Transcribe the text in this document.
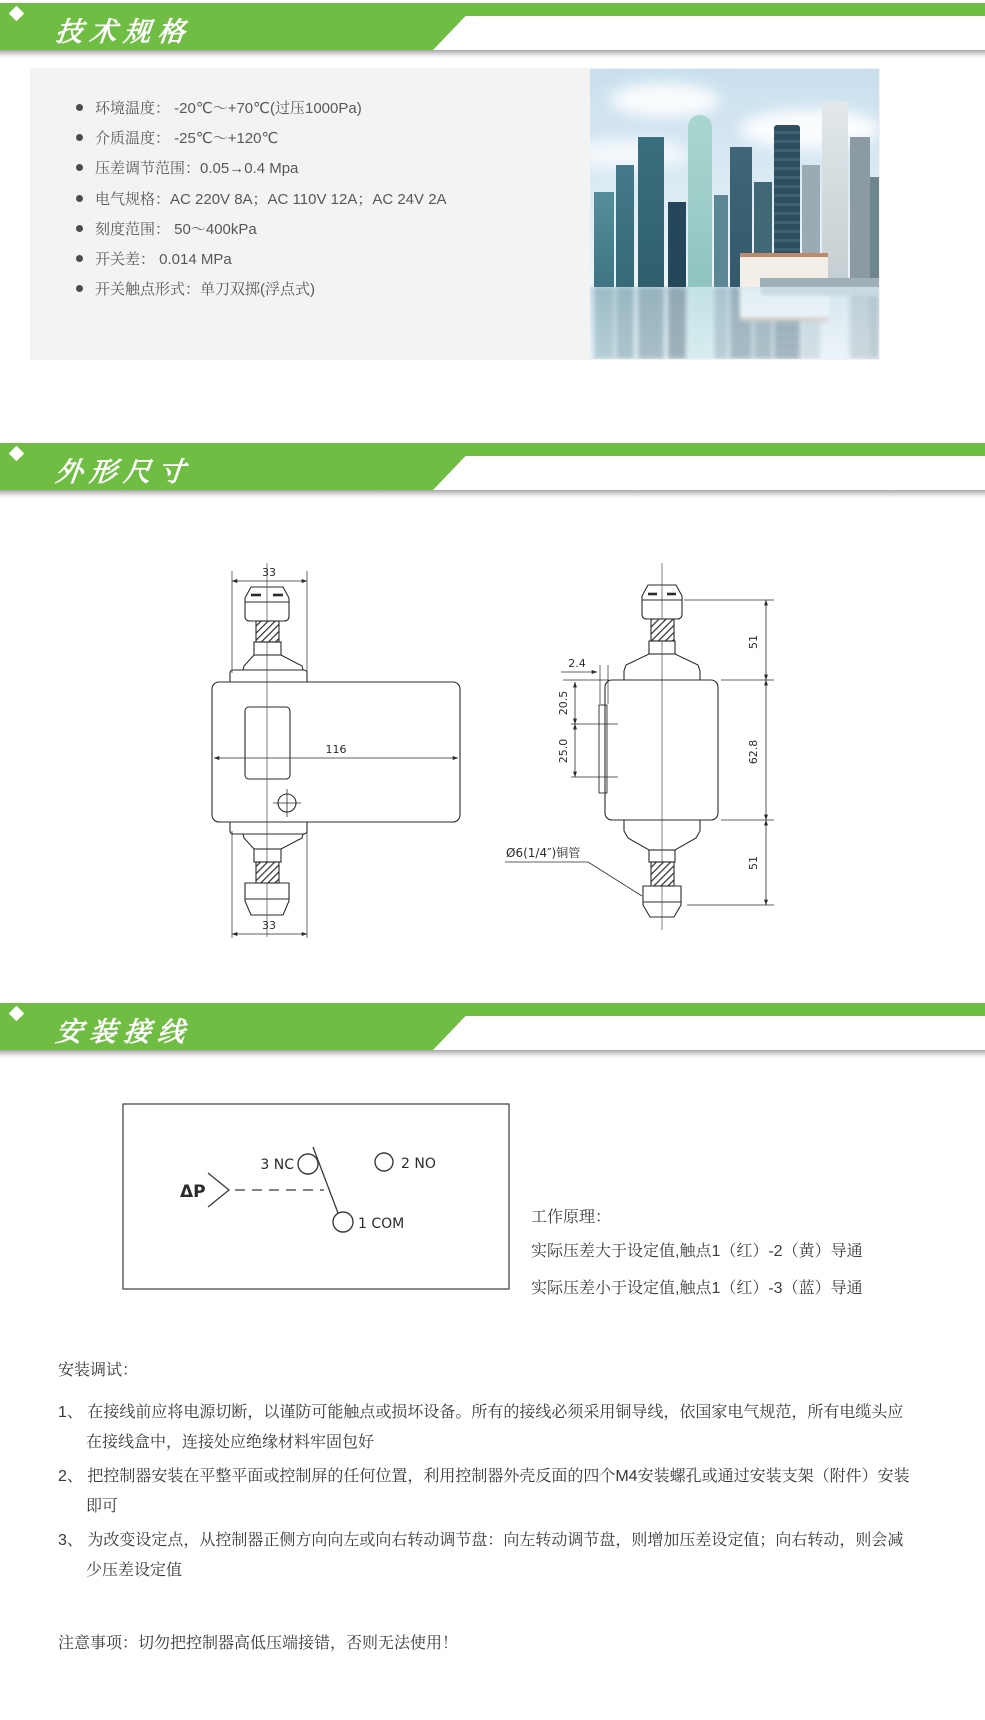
技术规格
环境温度： -20℃～+70℃(过压1000Pa)
介质温度： -25℃～+120℃
压差调节范围：0.05→0.4 Mpa
电气规格：AC 220V 8A；AC 110V 12A；AC 24V 2A
刻度范围： 50～400kPa
开关差： 0.014 MPa
开关触点形式：单刀双掷(浮点式)
外形尺寸
33
116
33
2.4
20.5
25.0
51
62.8
51
Ø6(1/4″)铜管
安装接线
ΔP
3 NC	2 NO
1 COM	工作原理：
实际压差大于设定值,触点1（红）-2（黄）导通
实际压差小于设定值,触点1（红）-3（蓝）导通
安装调试：
1、 在接线前应将电源切断，以谨防可能触点或损坏设备。所有的接线必须采用铜导线，依国家电气规范，所有电缆头应在接线盒中，连接处应绝缘材料牢固包好
2、 把控制器安装在平整平面或控制屏的任何位置，利用控制器外壳反面的四个M4安装螺孔或通过安装支架（附件）安装即可
3、 为改变设定点，从控制器正侧方向向左或向右转动调节盘：向左转动调节盘，则增加压差设定值；向右转动，则会减少压差设定值
注意事项：切勿把控制器高低压端接错，否则无法使用！
